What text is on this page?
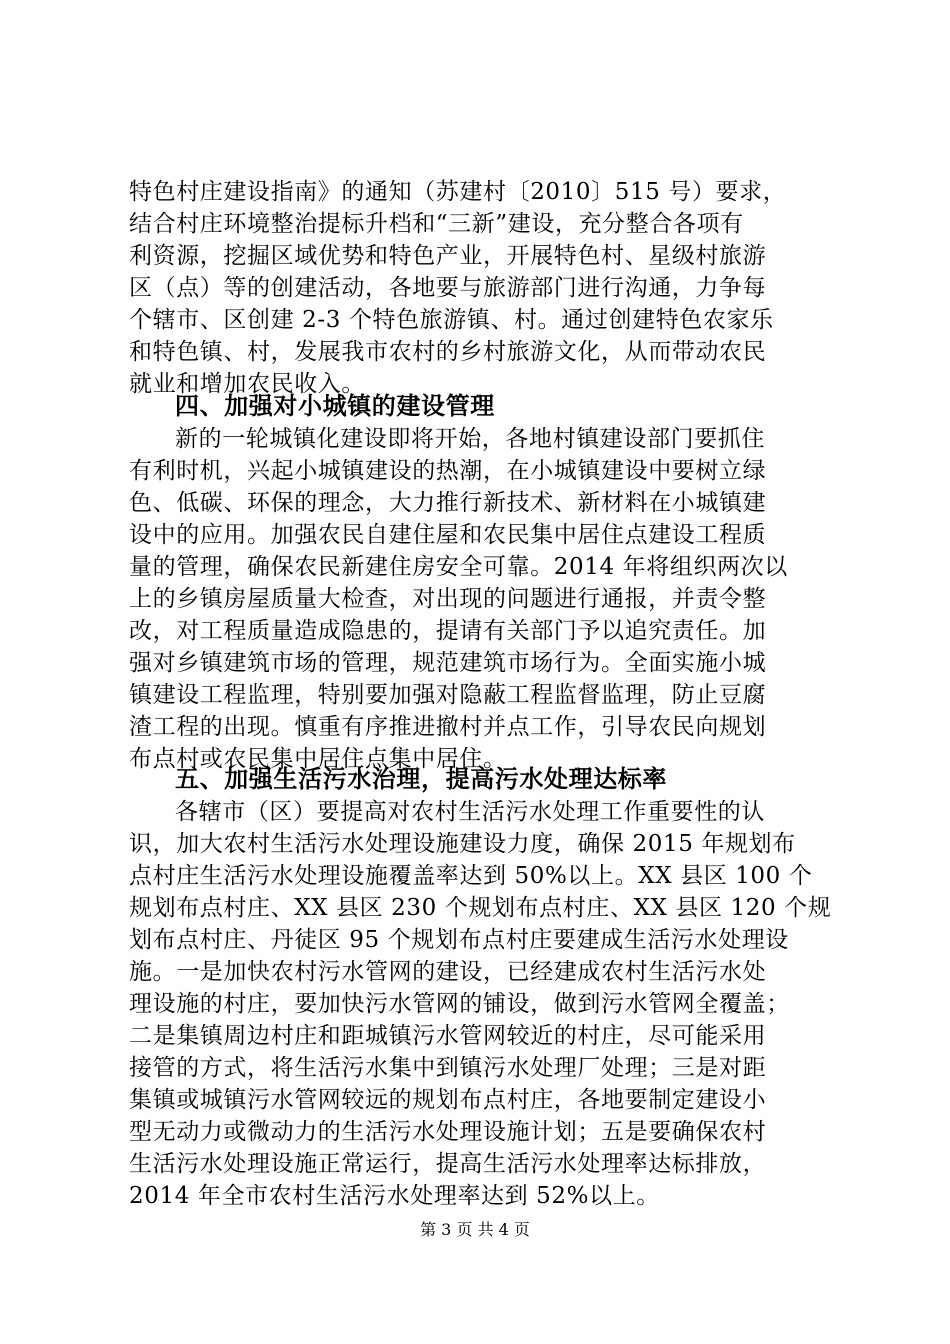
特色村庄建设指南》的通知（苏建村〔2010〕515 号）要求，
结合村庄环境整治提标升档和“三新”建设，充分整合各项有
利资源，挖掘区域优势和特色产业，开展特色村、星级村旅游
区（点）等的创建活动，各地要与旅游部门进行沟通，力争每
个辖市、区创建 2-3 个特色旅游镇、村。通过创建特色农家乐
和特色镇、村，发展我市农村的乡村旅游文化，从而带动农民
就业和增加农民收入。
四、加强对小城镇的建设管理
新的一轮城镇化建设即将开始，各地村镇建设部门要抓住
有利时机，兴起小城镇建设的热潮，在小城镇建设中要树立绿
色、低碳、环保的理念，大力推行新技术、新材料在小城镇建
设中的应用。加强农民自建住屋和农民集中居住点建设工程质
量的管理，确保农民新建住房安全可靠。2014 年将组织两次以
上的乡镇房屋质量大检查，对出现的问题进行通报，并责令整
改，对工程质量造成隐患的，提请有关部门予以追究责任。加
强对乡镇建筑市场的管理，规范建筑市场行为。全面实施小城
镇建设工程监理，特别要加强对隐蔽工程监督监理，防止豆腐
渣工程的出现。慎重有序推进撤村并点工作，引导农民向规划
布点村或农民集中居住点集中居住。
五、加强生活污水治理，提高污水处理达标率
各辖市（区）要提高对农村生活污水处理工作重要性的认
识，加大农村生活污水处理设施建设力度，确保 2015 年规划布
点村庄生活污水处理设施覆盖率达到 50%以上。XX 县区 100 个
规划布点村庄、XX 县区 230 个规划布点村庄、XX 县区 120 个规
划布点村庄、丹徒区 95 个规划布点村庄要建成生活污水处理设
施。一是加快农村污水管网的建设，已经建成农村生活污水处
理设施的村庄，要加快污水管网的铺设，做到污水管网全覆盖；
二是集镇周边村庄和距城镇污水管网较近的村庄，尽可能采用
接管的方式，将生活污水集中到镇污水处理厂处理；三是对距
集镇或城镇污水管网较远的规划布点村庄，各地要制定建设小
型无动力或微动力的生活污水处理设施计划；五是要确保农村
生活污水处理设施正常运行，提高生活污水处理率达标排放，
2014 年全市农村生活污水处理率达到 52%以上。
第 3 页 共 4 页
